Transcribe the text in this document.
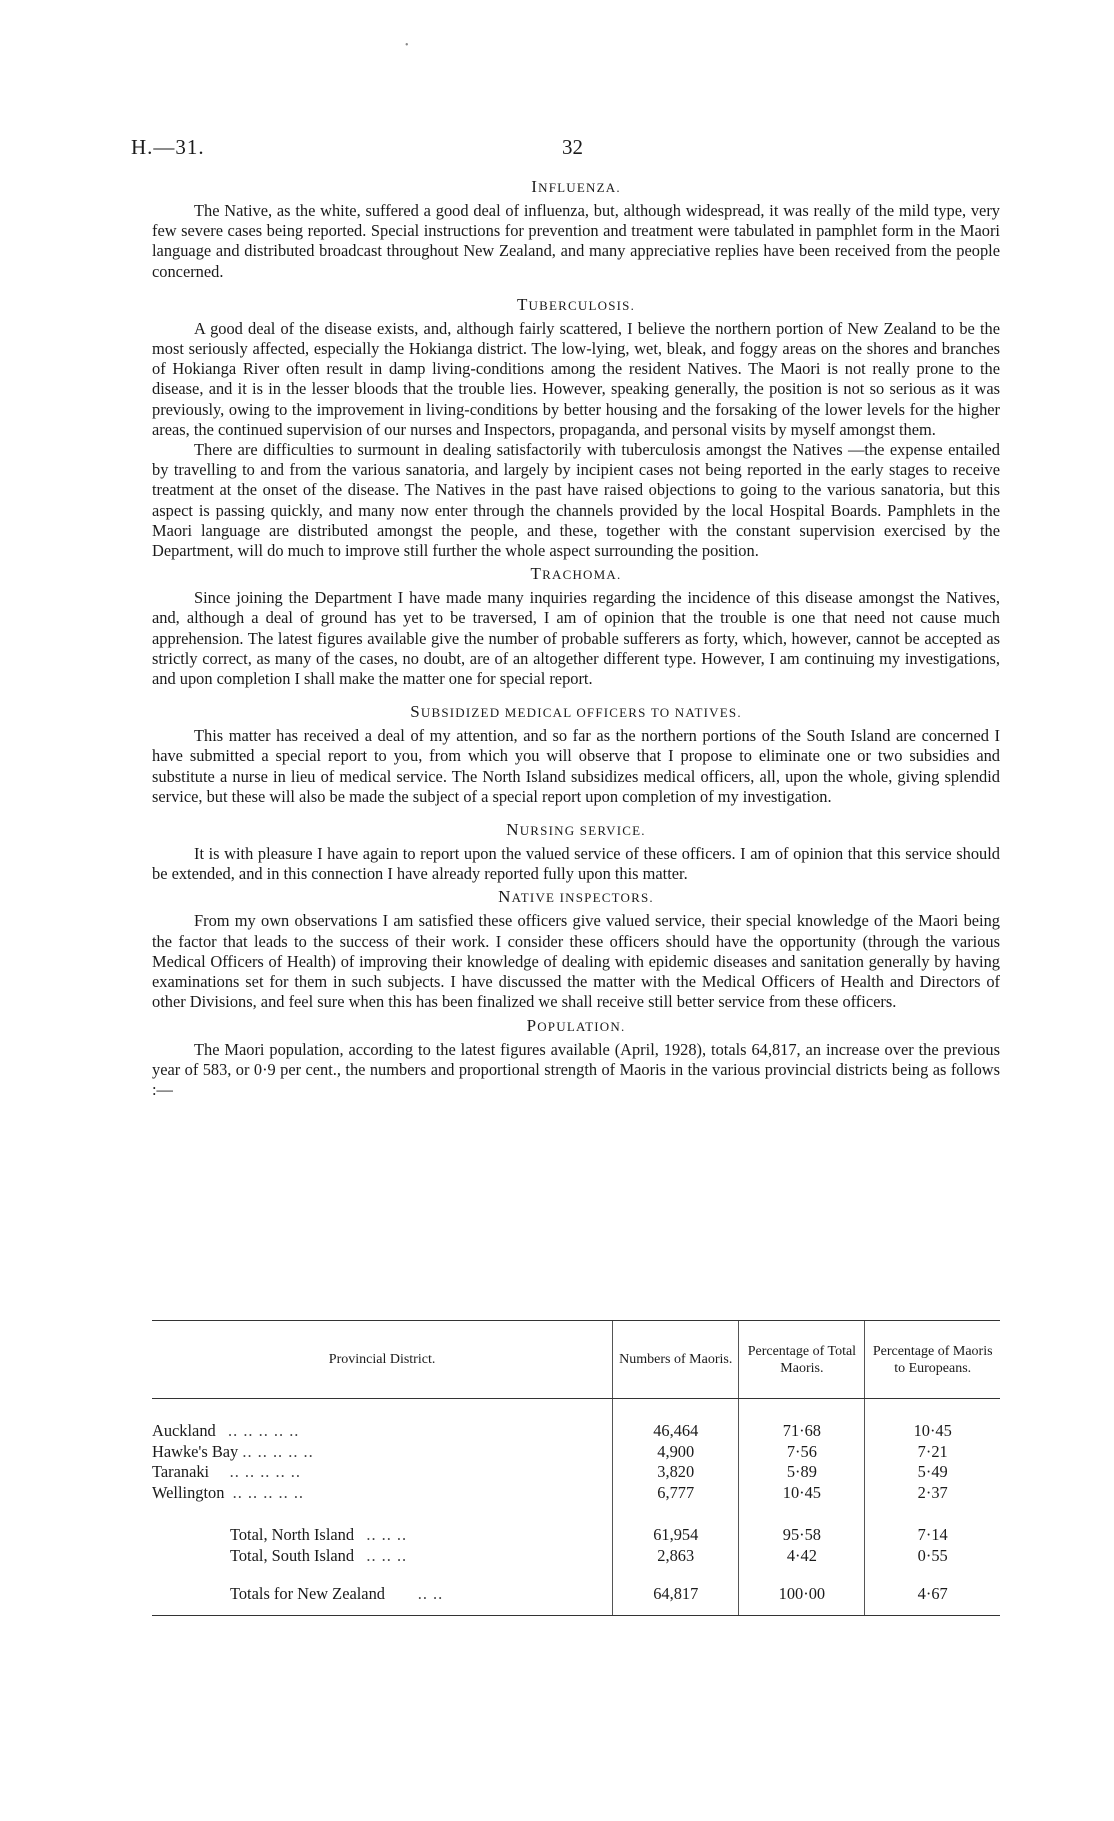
•
H.—31.	32
INFLUENZA.

The Native, as the white, suffered a good deal of influenza, but, although widespread, it was really of the mild type, very few severe cases being reported. Special instructions for prevention and treatment were tabulated in pamphlet form in the Maori language and distributed broadcast throughout New Zealand, and many appreciative replies have been received from the people concerned.

TUBERCULOSIS.

A good deal of the disease exists, and, although fairly scattered, I believe the northern portion of New Zealand to be the most seriously affected, especially the Hokianga district. The low-lying, wet, bleak, and foggy areas on the shores and branches of Hokianga River often result in damp living-conditions among the resident Natives. The Maori is not really prone to the disease, and it is in the lesser bloods that the trouble lies. However, speaking generally, the position is not so serious as it was previously, owing to the improvement in living-conditions by better housing and the forsaking of the lower levels for the higher areas, the continued supervision of our nurses and Inspectors, propaganda, and personal visits by myself amongst them.

There are difficulties to surmount in dealing satisfactorily with tuberculosis amongst the Natives —the expense entailed by travelling to and from the various sanatoria, and largely by incipient cases not being reported in the early stages to receive treatment at the onset of the disease. The Natives in the past have raised objections to going to the various sanatoria, but this aspect is passing quickly, and many now enter through the channels provided by the local Hospital Boards. Pamphlets in the Maori language are distributed amongst the people, and these, together with the constant supervision exercised by the Department, will do much to improve still further the whole aspect surrounding the position.

TRACHOMA.

Since joining the Department I have made many inquiries regarding the incidence of this disease amongst the Natives, and, although a deal of ground has yet to be traversed, I am of opinion that the trouble is one that need not cause much apprehension. The latest figures available give the number of probable sufferers as forty, which, however, cannot be accepted as strictly correct, as many of the cases, no doubt, are of an altogether different type. However, I am continuing my investigations, and upon completion I shall make the matter one for special report.

SUBSIDIZED MEDICAL OFFICERS TO NATIVES.

This matter has received a deal of my attention, and so far as the northern portions of the South Island are concerned I have submitted a special report to you, from which you will observe that I propose to eliminate one or two subsidies and substitute a nurse in lieu of medical service. The North Island subsidizes medical officers, all, upon the whole, giving splendid service, but these will also be made the subject of a special report upon completion of my investigation.

NURSING SERVICE.

It is with pleasure I have again to report upon the valued service of these officers. I am of opinion that this service should be extended, and in this connection I have already reported fully upon this matter.

NATIVE INSPECTORS.

From my own observations I am satisfied these officers give valued service, their special knowledge of the Maori being the factor that leads to the success of their work. I consider these officers should have the opportunity (through the various Medical Officers of Health) of improving their knowledge of dealing with epidemic diseases and sanitation generally by having examinations set for them in such subjects. I have discussed the matter with the Medical Officers of Health and Directors of other Divisions, and feel sure when this has been finalized we shall receive still better service from these officers.

POPULATION.

The Maori population, according to the latest figures available (April, 1928), totals 64,817, an increase over the previous year of 583, or 0·9 per cent., the numbers and proportional strength of Maoris in the various provincial districts being as follows :—

Provincial District.	Numbers of Maoris.	Percentage of Total Maoris.	Percentage of Maoris to Europeans.

Auckland .. .. .. .. ..	46,464	71·68	10·45
Hawke's Bay .. .. .. .. ..	4,900	7·56	7·21
Taranaki .. .. .. .. ..	3,820	5·89	5·49
Wellington .. .. .. .. ..	6,777	10·45	2·37

Total, North Island .. .. ..	61,954	95·58	7·14
Total, South Island .. .. ..	2,863	4·42	0·55

Totals for New Zealand .. ..	64,817	100·00	4·67
